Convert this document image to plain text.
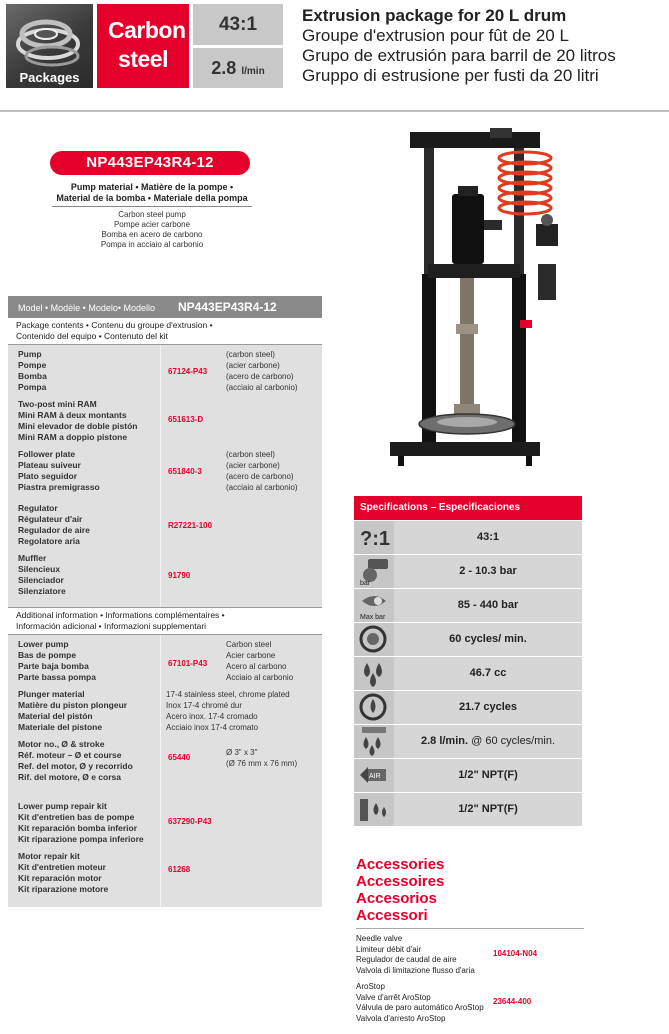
Packages
Carbon steel
43:1
2.8 l/min
Extrusion package for 20 L drum
Groupe d'extrusion pour fût de 20 L
Grupo de extrusión para barril de 20 litros
Gruppo di estrusione per fusti da 20 litri
NP443EP43R4-12
Pump material • Matière de la pompe •
Material de la bomba • Materiale della pompa
Carbon steel pump
Pompe acier carbone
Bomba en acero de carbono
Pompa in acciaio al carbonio
Model • Modèle • Modelo• Modello NP443EP43R4-12
Package contents • Contenu du groupe d'extrusion •
Contenido del equipo • Contenuto del kit
Pump
Pompe
Bomba
Pompa
67124-P43
(carbon steel)
(acier carbone)
(acero de carbono)
(acciaio al carbonio)
Two-post mini RAM
Mini RAM à deux montants
Mini elevador de doble pistón
Mini RAM a doppio pistone
651613-D
Follower plate
Plateau suiveur
Plato seguidor
Piastra premigrasso
651840-3
(carbon steel)
(acier carbone)
(acero de carbono)
(acciaio al carbonio)
Regulator
Régulateur d'air
Regulador de aire
Regolatore aria
R27221-100
Muffler
Silencieux
Silenciador
Silenziatore
91790
Additional information • Informations complémentaires •
Información adicional • Informazioni supplementari
Lower pump
Bas de pompe
Parte baja bomba
Parte bassa pompa
67101-P43
Carbon steel
Acier carbone
Acero al carbono
Acciaio al carbonio
Plunger material
Matière du piston plongeur
Material del pistón
Materiale del pistone
17-4 stainless steel, chrome plated
Inox 17-4 chromé dur
Acero inox. 17-4 cromado
Acciaio inox 17-4 cromato
Motor no., Ø & stroke
Réf. moteur – Ø et course
Ref. del motor, Ø y recorrido
Rif. del motore, Ø e corsa
65440
Ø 3" x 3"
(Ø 76 mm x 76 mm)
Lower pump repair kit
Kit d'entretien bas de pompe
Kit reparación bomba inferior
Kit riparazione pompa inferiore
637290-P43
Motor repair kit
Kit d'entretien moteur
Kit reparación motor
Kit riparazione motore
61268
Specifications – Especificaciones
?:1	43:1
bar
2 - 10.3 bar
Max bar
85 - 440 bar
60 cycles/ min.
46.7 cc
21.7 cycles
2.8 l/min. @ 60 cycles/min.
AIR	1/2" NPT(F)
1/2" NPT(F)
Accessories
Accessoires
Accesorios
Accessori
Needle valve
Limiteur débit d'air
Regulador de caudal de aire
Valvola di limitazione flusso d'aria
104104-N04
AroStop
Valve d'arrêt AroStop
Válvula de paro automático AroStop
Valvola d'arresto AroStop
23644-400
